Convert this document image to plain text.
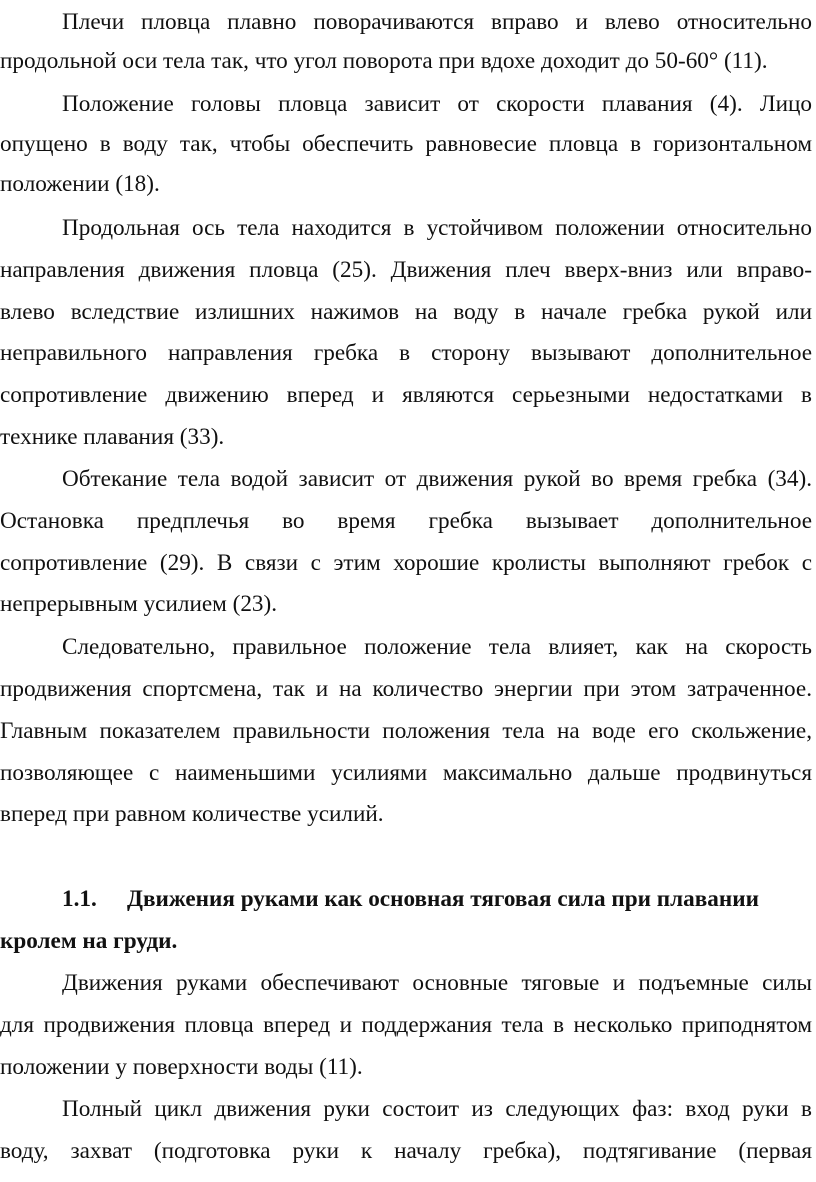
Плечи пловца плавно поворачиваются вправо и влево относительно
продольной оси тела так, что угол поворота при вдохе доходит до 50-60° (11).
Положение головы пловца зависит от скорости плавания (4). Лицо
опущено в воду так, чтобы обеспечить равновесие пловца в горизонтальном
положении (18).
Продольная ось тела находится в устойчивом положении относительно
направления движения пловца (25). Движения плеч вверх-вниз или вправо-
влево вследствие излишних нажимов на воду в начале гребка рукой или
неправильного направления гребка в сторону вызывают дополнительное
сопротивление движению вперед и являются серьезными недостатками в
технике плавания (33).
Обтекание тела водой зависит от движения рукой во время гребка (34).
Остановка предплечья во время гребка вызывает дополнительное
сопротивление (29). В связи с этим хорошие кролисты выполняют гребок с
непрерывным усилием (23).
Следовательно, правильное положение тела влияет, как на скорость
продвижения спортсмена, так и на количество энергии при этом затраченное.
Главным показателем правильности положения тела на воде его скольжение,
позволяющее с наименьшими усилиями максимально дальше продвинуться
вперед при равном количестве усилий.
1.1. Движения руками как основная тяговая сила при плавании
кролем на груди.
Движения руками обеспечивают основные тяговые и подъемные силы
для продвижения пловца вперед и поддержания тела в несколько приподнятом
положении у поверхности воды (11).
Полный цикл движения руки состоит из следующих фаз: вход руки в
воду, захват (подготовка руки к началу гребка), подтягивание (первая
